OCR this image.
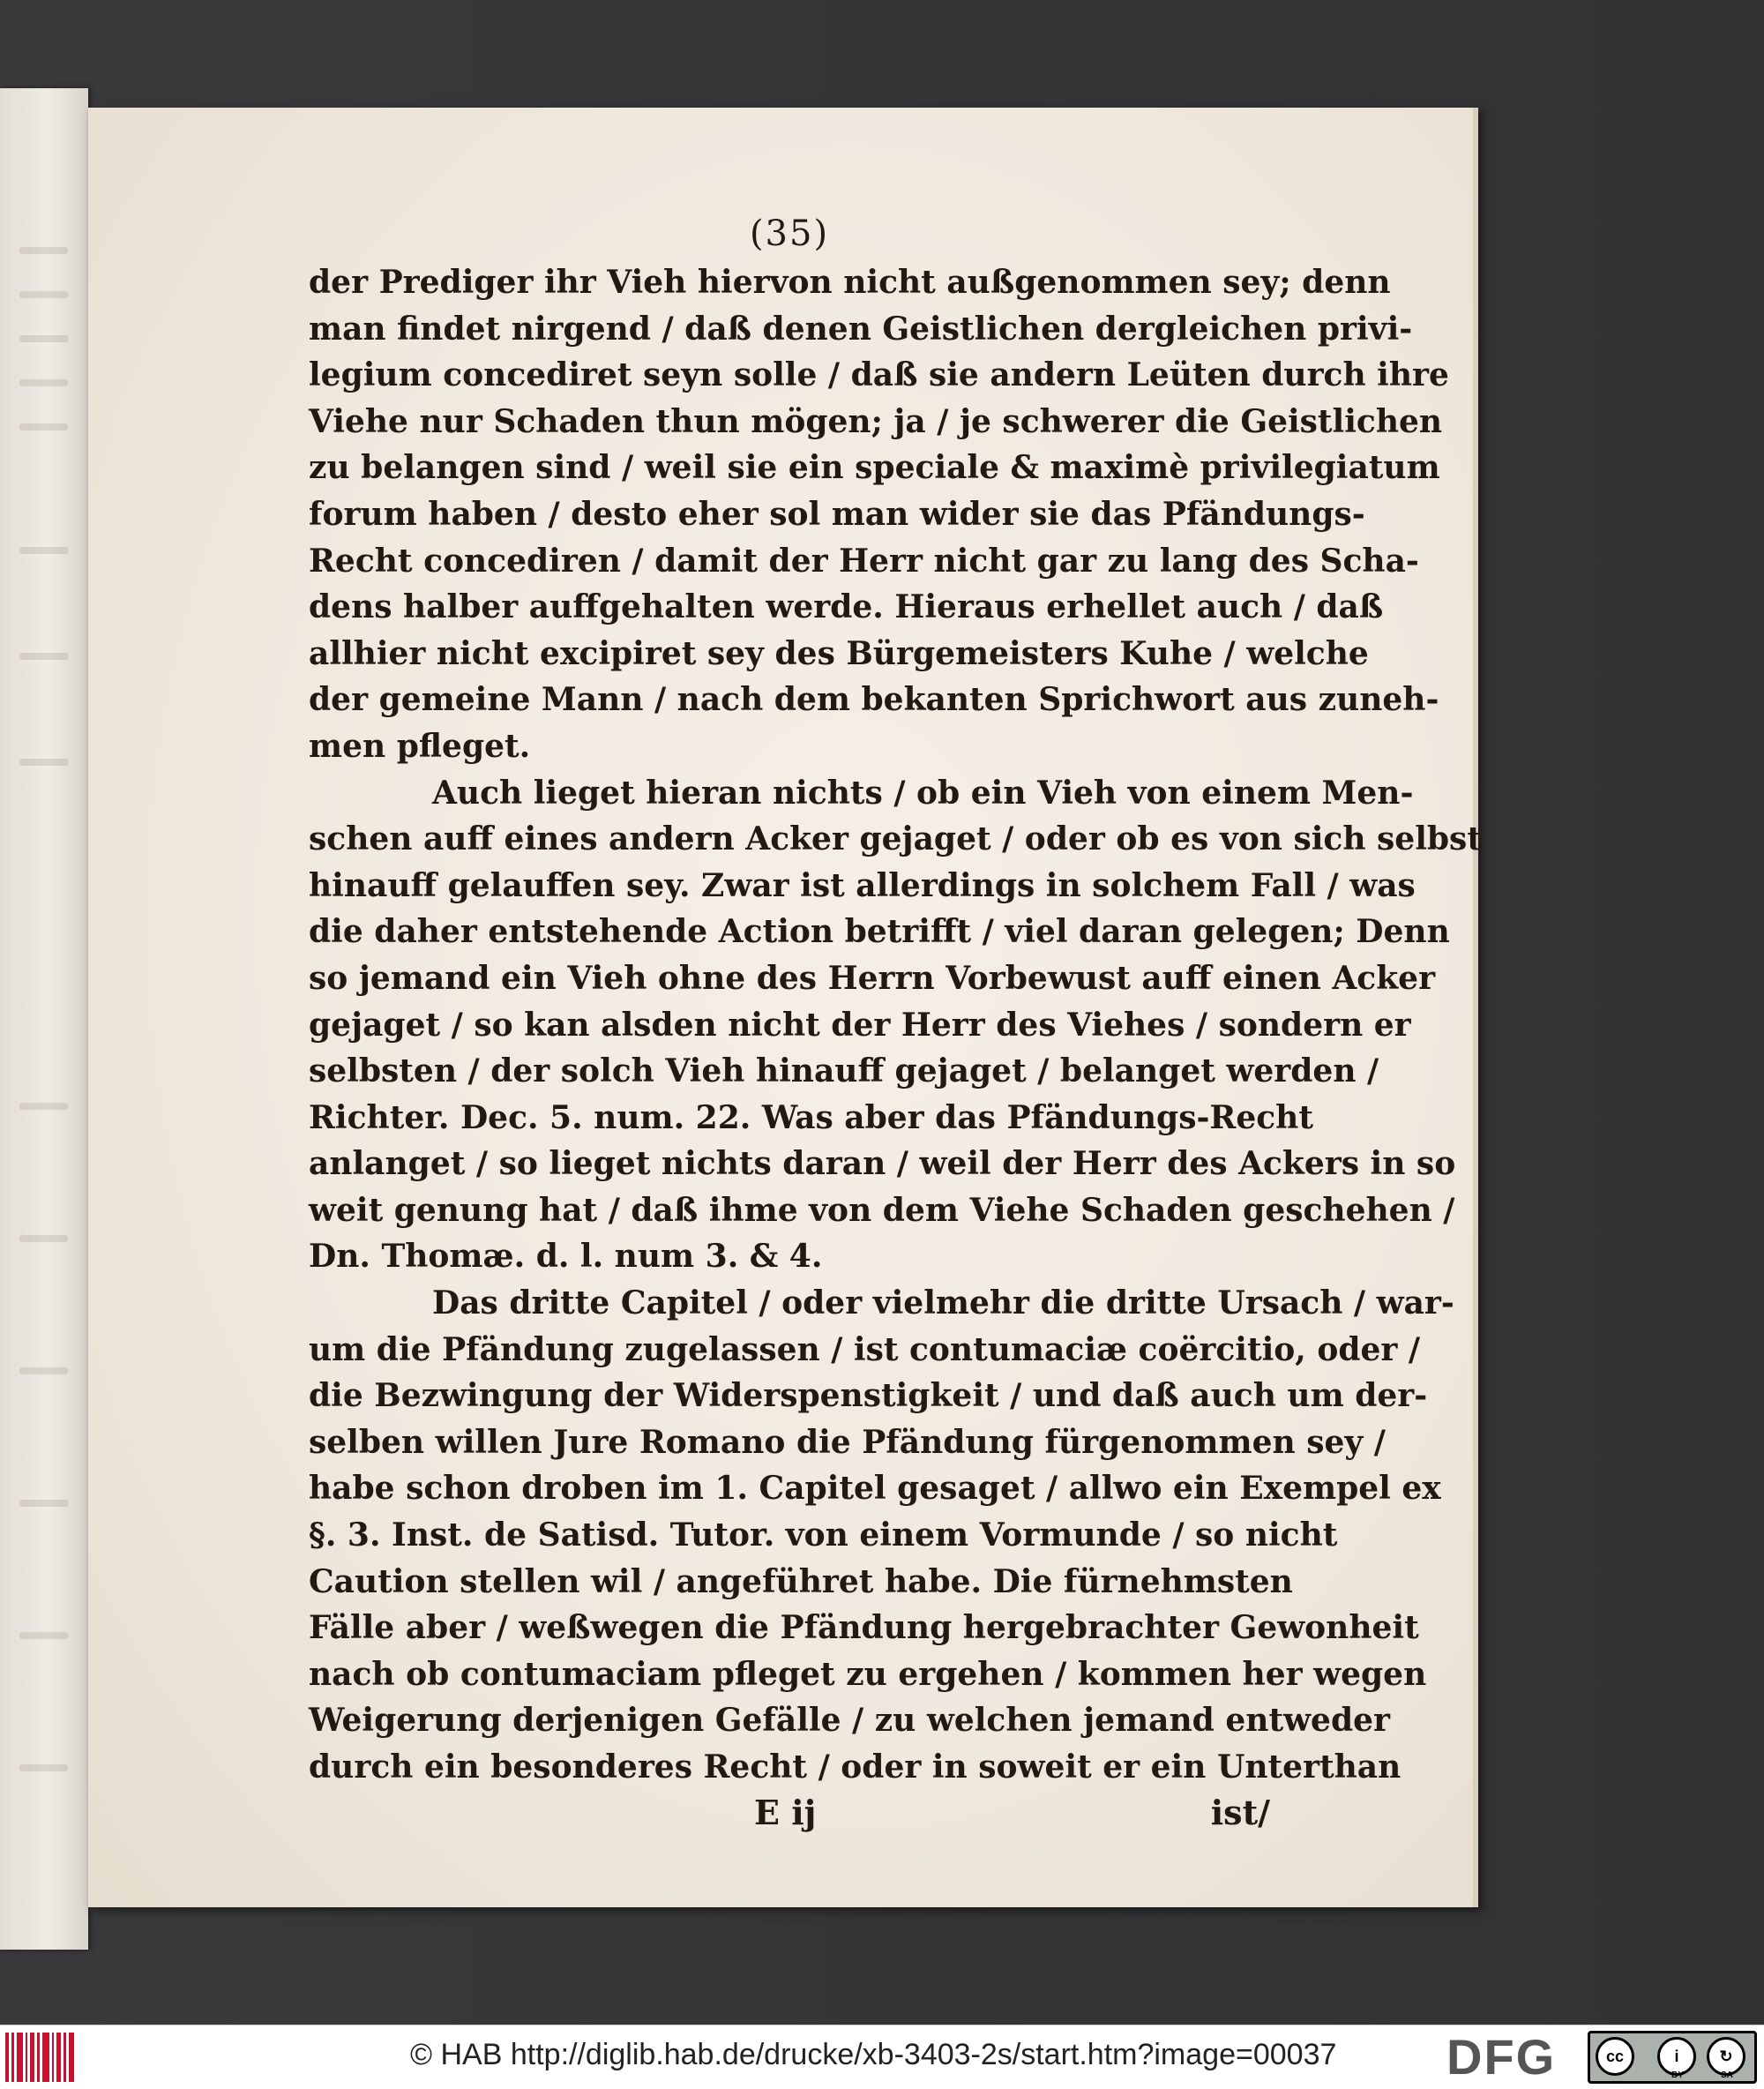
(35)
der Prediger ihr Vieh hiervon nicht außgenommen sey; denn
man findet nirgend / daß denen Geistlichen dergleichen privi-
legium concediret seyn solle / daß sie andern Leüten durch ihre
Viehe nur Schaden thun mögen; ja / je schwerer die Geistlichen
zu belangen sind / weil sie ein speciale & maximè privilegiatum
forum haben / desto eher sol man wider sie das Pfändungs-
Recht concediren / damit der Herr nicht gar zu lang des Scha-
dens halber auffgehalten werde. Hieraus erhellet auch / daß
allhier nicht excipiret sey des Bürgemeisters Kuhe / welche
der gemeine Mann / nach dem bekanten Sprichwort aus zuneh-
men pfleget.
Auch lieget hieran nichts / ob ein Vieh von einem Men-
schen auff eines andern Acker gejaget / oder ob es von sich selbst
hinauff gelauffen sey. Zwar ist allerdings in solchem Fall / was
die daher entstehende Action betrifft / viel daran gelegen; Denn
so jemand ein Vieh ohne des Herrn Vorbewust auff einen Acker
gejaget / so kan alsden nicht der Herr des Viehes / sondern er
selbsten / der solch Vieh hinauff gejaget / belanget werden /
Richter. Dec. 5. num. 22. Was aber das Pfändungs-Recht
anlanget / so lieget nichts daran / weil der Herr des Ackers in so
weit genung hat / daß ihme von dem Viehe Schaden geschehen /
Dn. Thomæ. d. l. num 3. & 4.
Das dritte Capitel / oder vielmehr die dritte Ursach / war-
um die Pfändung zugelassen / ist contumaciæ coërcitio, oder /
die Bezwingung der Widerspenstigkeit / und daß auch um der-
selben willen Jure Romano die Pfändung fürgenommen sey /
habe schon droben im 1. Capitel gesaget / allwo ein Exempel ex
§. 3. Inst. de Satisd. Tutor. von einem Vormunde / so nicht
Caution stellen wil / angeführet habe. Die fürnehmsten
Fälle aber / weßwegen die Pfändung hergebrachter Gewonheit
nach ob contumaciam pfleget zu ergehen / kommen her wegen
Weigerung derjenigen Gefälle / zu welchen jemand entweder
durch ein besonderes Recht / oder in soweit er ein Unterthan
E ij	ist/
© HAB http://diglib.hab.de/drucke/xb-3403-2s/start.htm?image=00037 DFG	cc	i	↻
BY	SA
